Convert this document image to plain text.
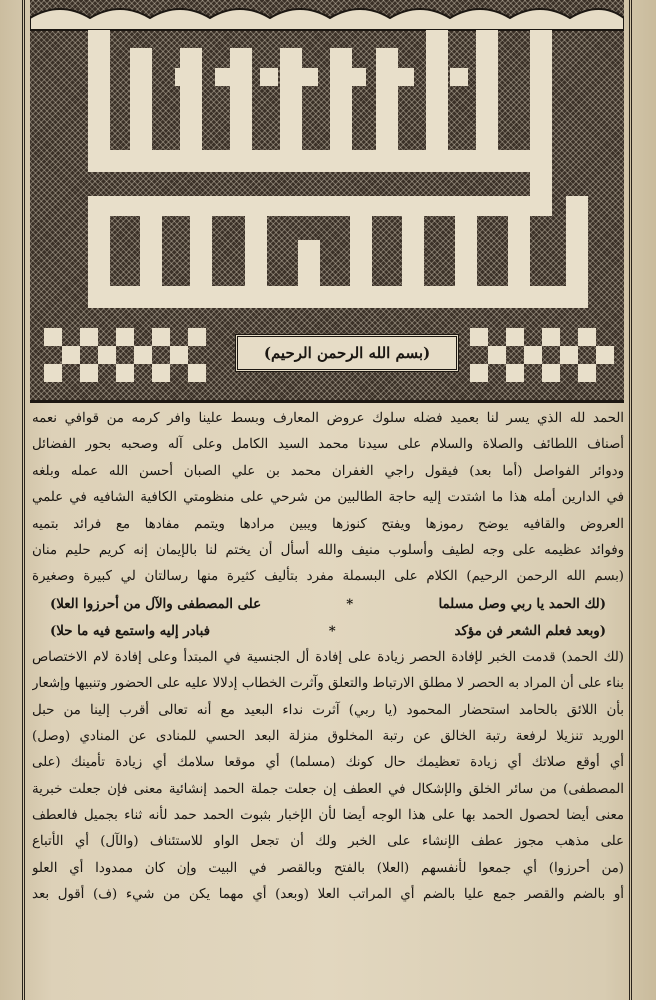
(بسم الله الرحمن الرحيم)
الحمد لله الذي يسر لنا بعميد فضله سلوك عروض المعارف وبسط علينا وافر كرمه من قوافي نعمه
أصناف اللطائف والصلاة والسلام على سيدنا محمد السيد الكامل وعلى آله وصحبه بحور الفضائل
ودوائر الفواصل (أما بعد) فيقول راجي الغفران محمد بن علي الصبان أحسن الله عمله وبلغه
في الدارين أمله هذا ما اشتدت إليه حاجة الطالبين من شرحي على منظومتي الكافية الشافيه في علمي
العروض والقافيه يوضح رموزها ويفتح كنوزها ويبين مرادها ويتمم مفادها مع فرائد بتميه
وفوائد عظيمه على وجه لطيف وأسلوب منيف والله أسأل أن يختم لنا بالإيمان إنه كريم حليم منان
(بسم الله الرحمن الرحيم) الكلام على البسملة مفرد بتأليف كثيرة منها رسالتان لي كبيرة وصغيرة
(لك الحمد يا ربي وصل مسلما
*
على المصطفى والآل من أحرزوا العلا)
(وبعد فعلم الشعر فن مؤكد
*
فبادر إليه واستمع فيه ما حلا)
(لك الحمد) قدمت الخبر لإفادة الحصر زيادة على إفادة أل الجنسية في المبتدأ وعلى إفادة لام الاختصاص
بناء على أن المراد به الحصر لا مطلق الارتباط والتعلق وآثرت الخطاب إدلالا عليه على الحضور وتنبيها وإشعار
بأن اللائق بالحامد استحضار المحمود (يا ربي) آثرت نداء البعيد مع أنه تعالى أقرب إلينا من حبل
الوريد تنزيلا لرفعة رتبة الخالق عن رتبة المخلوق منزلة البعد الحسي للمنادى عن المنادي (وصل)
أي أوقع صلاتك أي زيادة تعظيمك حال كونك (مسلما) أي موقعا سلامك أي زيادة تأمينك (على
المصطفى) من سائر الخلق والإشكال في العطف إن جعلت جملة الحمد إنشائية معنى فإن جعلت خبرية
معنى أيضا لحصول الحمد بها على هذا الوجه أيضا لأن الإخبار بثبوت الحمد حمد لأنه ثناء بجميل فالعطف
على مذهب مجوز عطف الإنشاء على الخبر ولك أن تجعل الواو للاستئناف (والآل) أي الأتباع
(من أحرزوا) أي جمعوا لأنفسهم (العلا) بالفتح وبالقصر في البيت وإن كان ممدودا أي العلو
أو بالضم والقصر جمع عليا بالضم أي المراتب العلا (وبعد) أي مهما يكن من شيء (ف) أقول بعد
